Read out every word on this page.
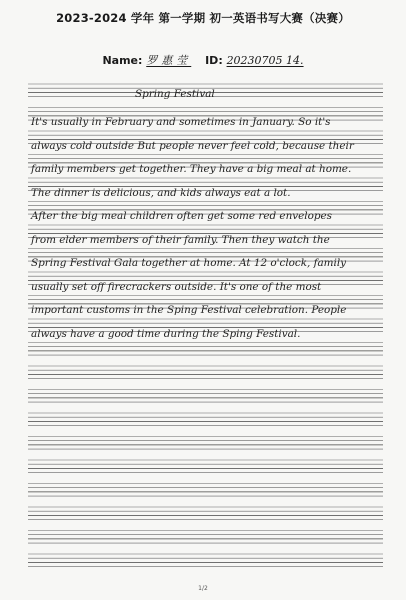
2023-2024 学年 第一学期 初一英语书写大赛（决赛）
Name: 罗惠莹 ID: 20230705 14.
Spring Festival
It's usually in February and sometimes in January. So it's
always cold outside But people never feel cold, because their
family members get together. They have a big meal at home.
The dinner is delicious, and kids always eat a lot.
After the big meal children often get some red envelopes
from elder members of their family. Then they watch the
Spring Festival Gala together at home. At 12 o'clock, family
usually set off firecrackers outside. It's one of the most
important customs in the Sping Festival celebration. People
always have a good time during the Sping Festival.
1/2
